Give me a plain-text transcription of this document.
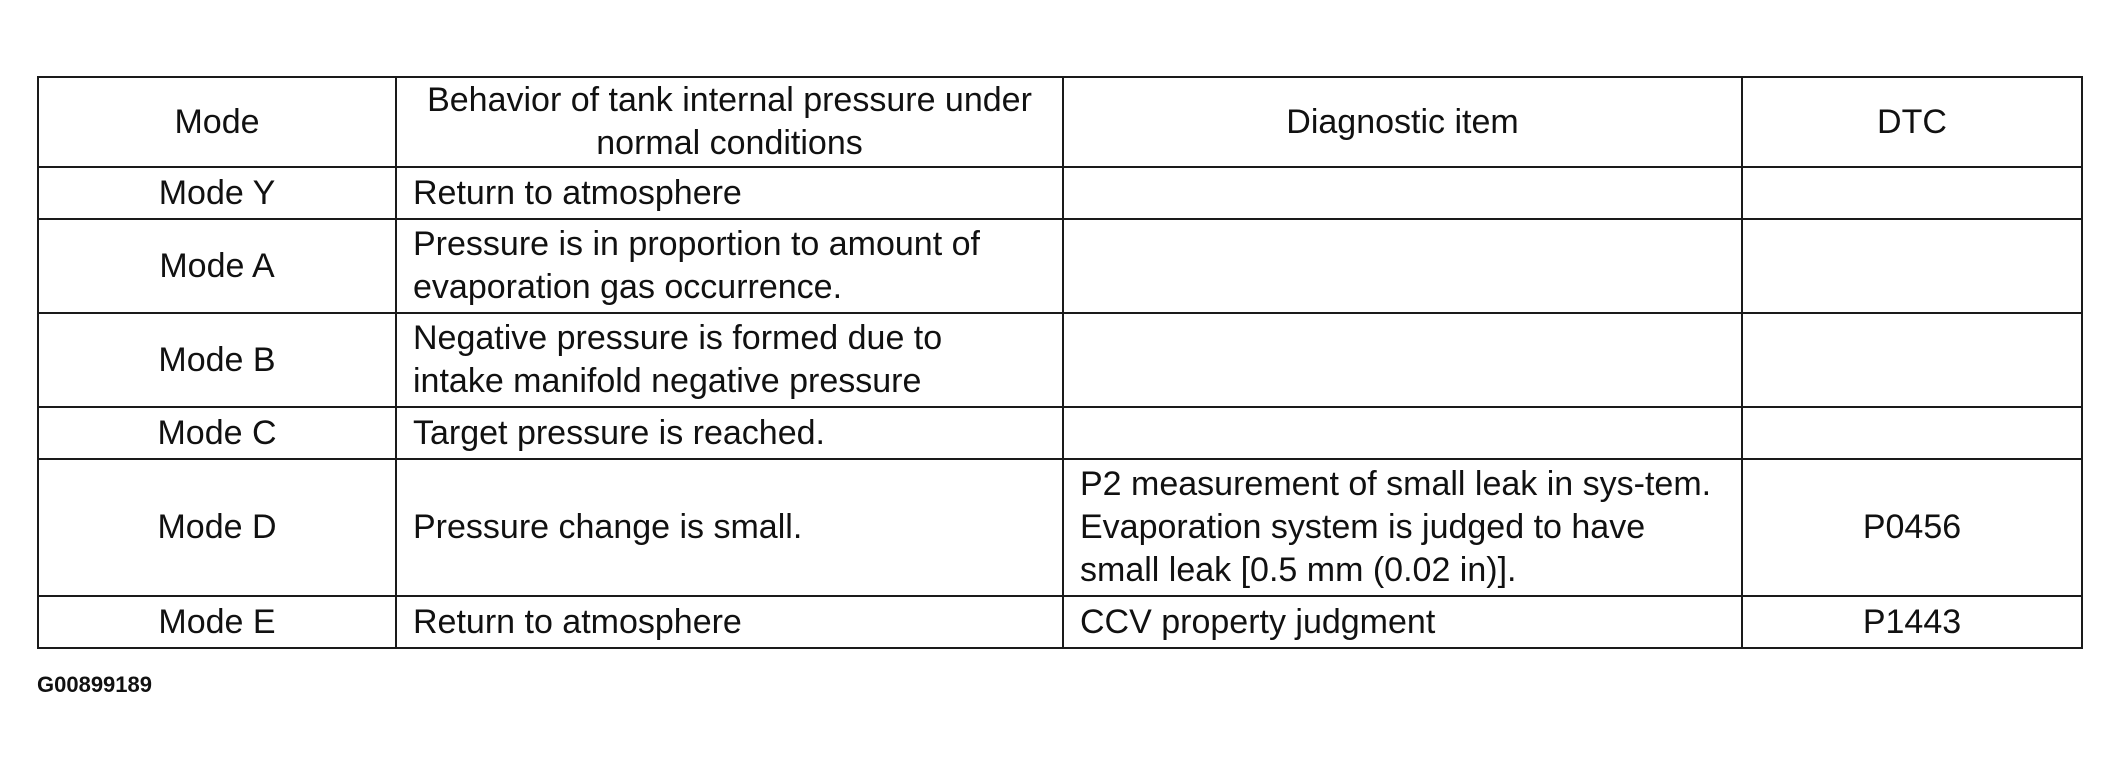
Mode	Behavior of tank internal pressure under normal conditions	Diagnostic item	DTC
Mode Y	Return to atmosphere		
Mode A	Pressure is in proportion to amount of evaporation gas occurrence.		
Mode B	Negative pressure is formed due to intake manifold negative pressure		
Mode C	Target pressure is reached.		
Mode D	Pressure change is small.	P2 measurement of small leak in sys-tem. Evaporation system is judged to have small leak [0.5 mm (0.02 in)].	P0456
Mode E	Return to atmosphere	CCV property judgment	P1443
G00899189
